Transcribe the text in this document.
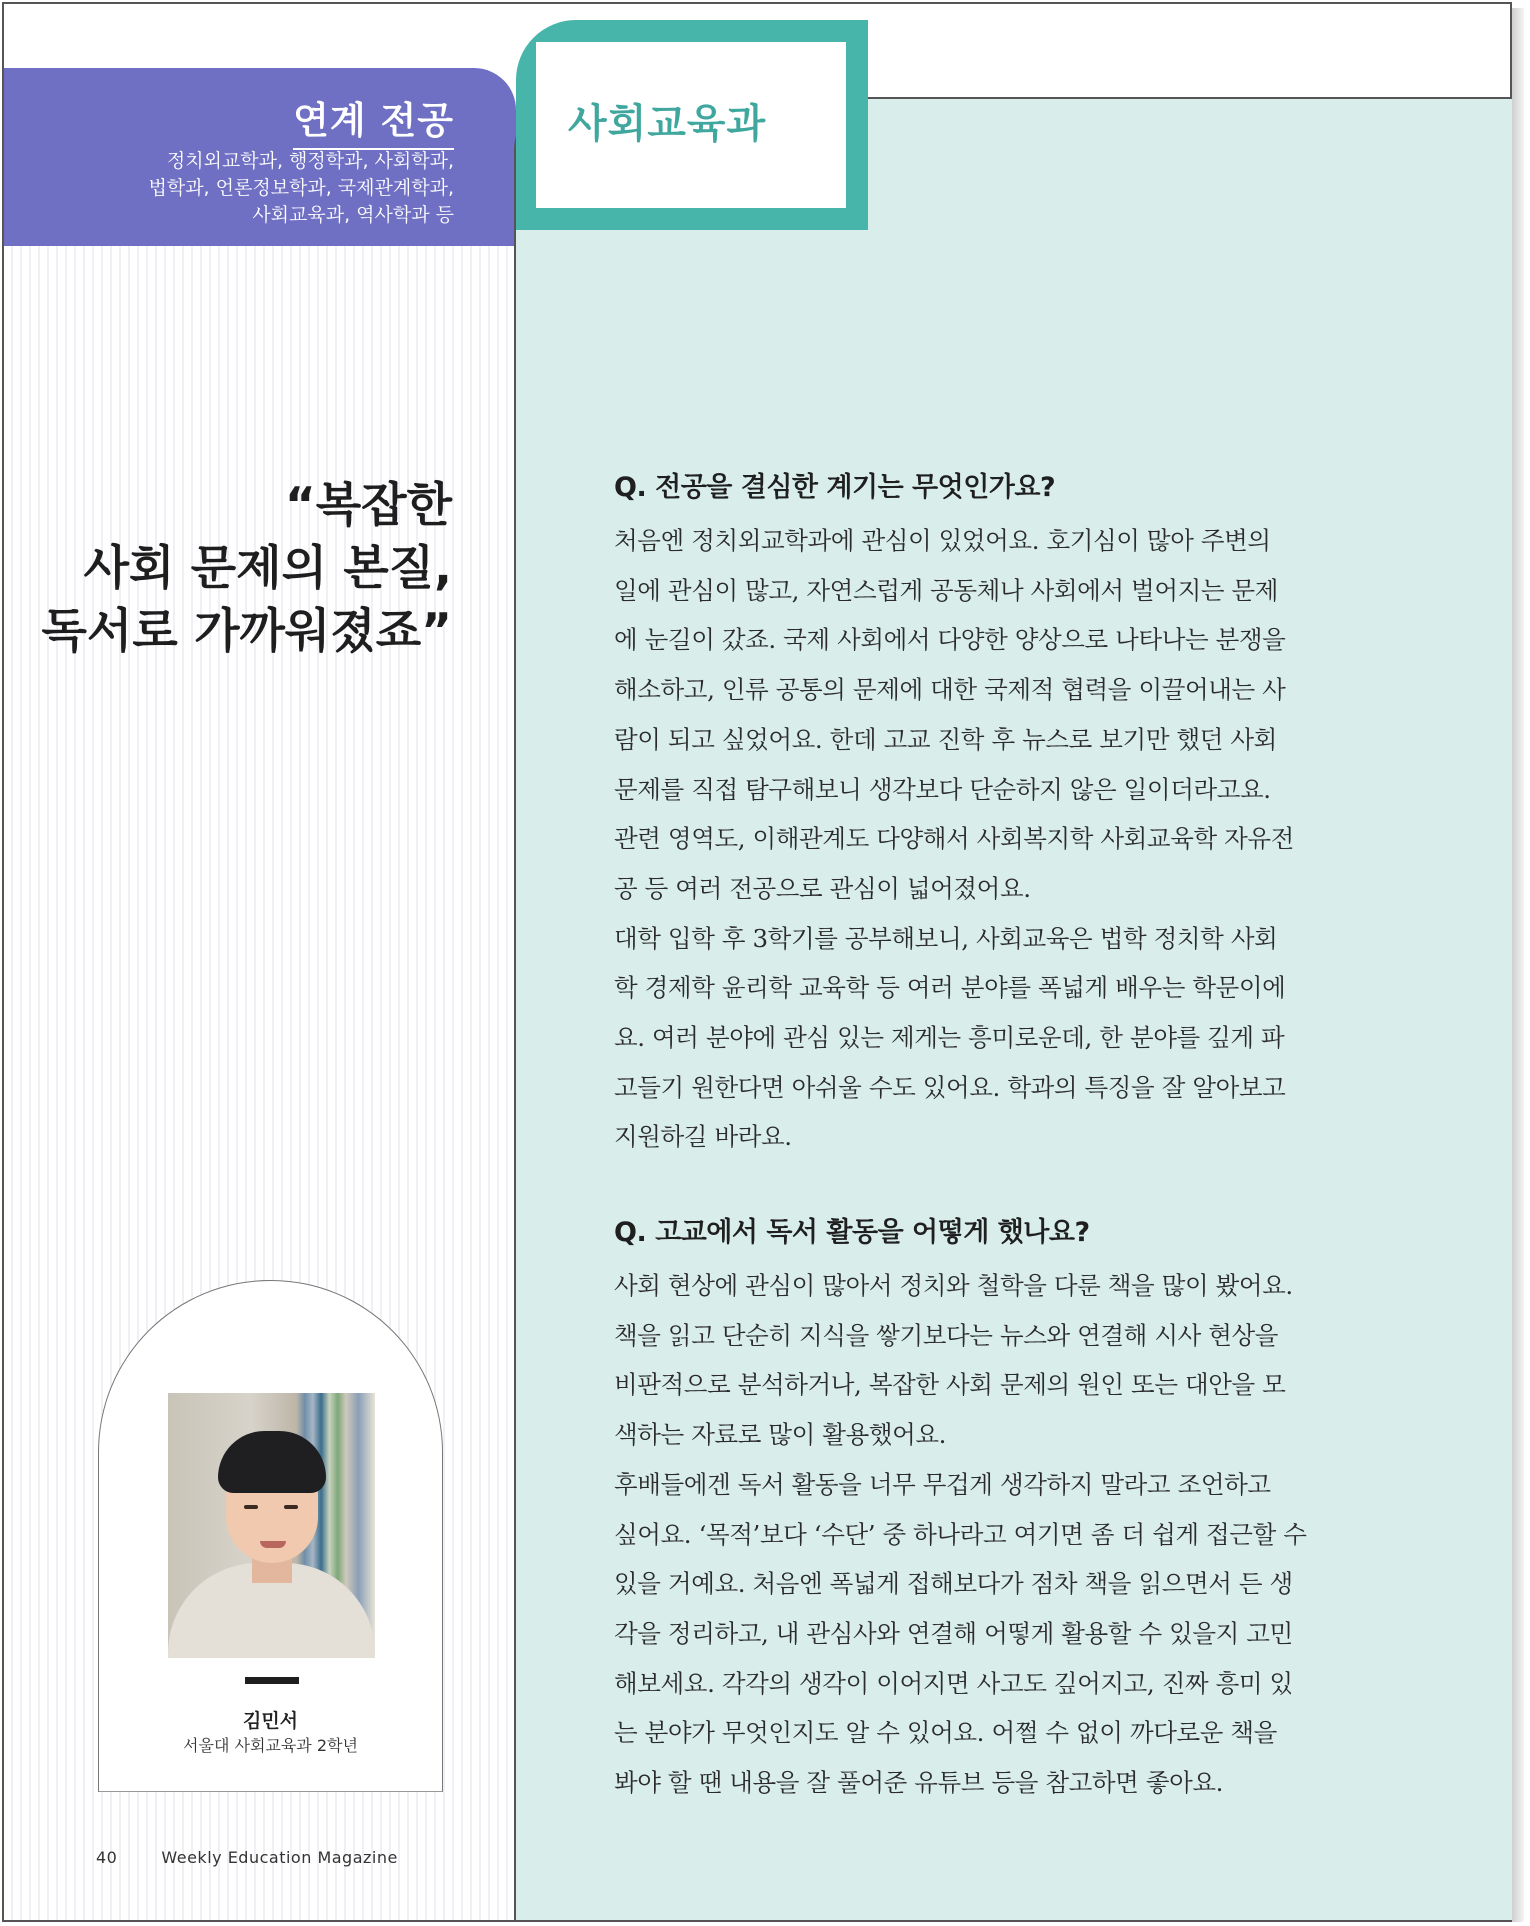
연계 전공
정치외교학과, 행정학과, 사회학과,
법학과, 언론정보학과, 국제관계학과,
사회교육과, 역사학과 등
사회교육과
“복잡한
사회 문제의 본질,
독서로 가까워졌죠”
김민서
서울대 사회교육과 2학년
40	Weekly Education Magazine
Q. 전공을 결심한 계기는 무엇인가요?
처음엔 정치외교학과에 관심이 있었어요. 호기심이 많아 주변의
일에 관심이 많고, 자연스럽게 공동체나 사회에서 벌어지는 문제
에 눈길이 갔죠. 국제 사회에서 다양한 양상으로 나타나는 분쟁을
해소하고, 인류 공통의 문제에 대한 국제적 협력을 이끌어내는 사
람이 되고 싶었어요. 한데 고교 진학 후 뉴스로 보기만 했던 사회
문제를 직접 탐구해보니 생각보다 단순하지 않은 일이더라고요.
관련 영역도, 이해관계도 다양해서 사회복지학 사회교육학 자유전
공 등 여러 전공으로 관심이 넓어졌어요.
대학 입학 후 3학기를 공부해보니, 사회교육은 법학 정치학 사회
학 경제학 윤리학 교육학 등 여러 분야를 폭넓게 배우는 학문이에
요. 여러 분야에 관심 있는 제게는 흥미로운데, 한 분야를 깊게 파
고들기 원한다면 아쉬울 수도 있어요. 학과의 특징을 잘 알아보고
지원하길 바라요.
Q. 고교에서 독서 활동을 어떻게 했나요?
사회 현상에 관심이 많아서 정치와 철학을 다룬 책을 많이 봤어요.
책을 읽고 단순히 지식을 쌓기보다는 뉴스와 연결해 시사 현상을
비판적으로 분석하거나, 복잡한 사회 문제의 원인 또는 대안을 모
색하는 자료로 많이 활용했어요.
후배들에겐 독서 활동을 너무 무겁게 생각하지 말라고 조언하고
싶어요. ‘목적’보다 ‘수단’ 중 하나라고 여기면 좀 더 쉽게 접근할 수
있을 거예요. 처음엔 폭넓게 접해보다가 점차 책을 읽으면서 든 생
각을 정리하고, 내 관심사와 연결해 어떻게 활용할 수 있을지 고민
해보세요. 각각의 생각이 이어지면 사고도 깊어지고, 진짜 흥미 있
는 분야가 무엇인지도 알 수 있어요. 어쩔 수 없이 까다로운 책을
봐야 할 땐 내용을 잘 풀어준 유튜브 등을 참고하면 좋아요.
